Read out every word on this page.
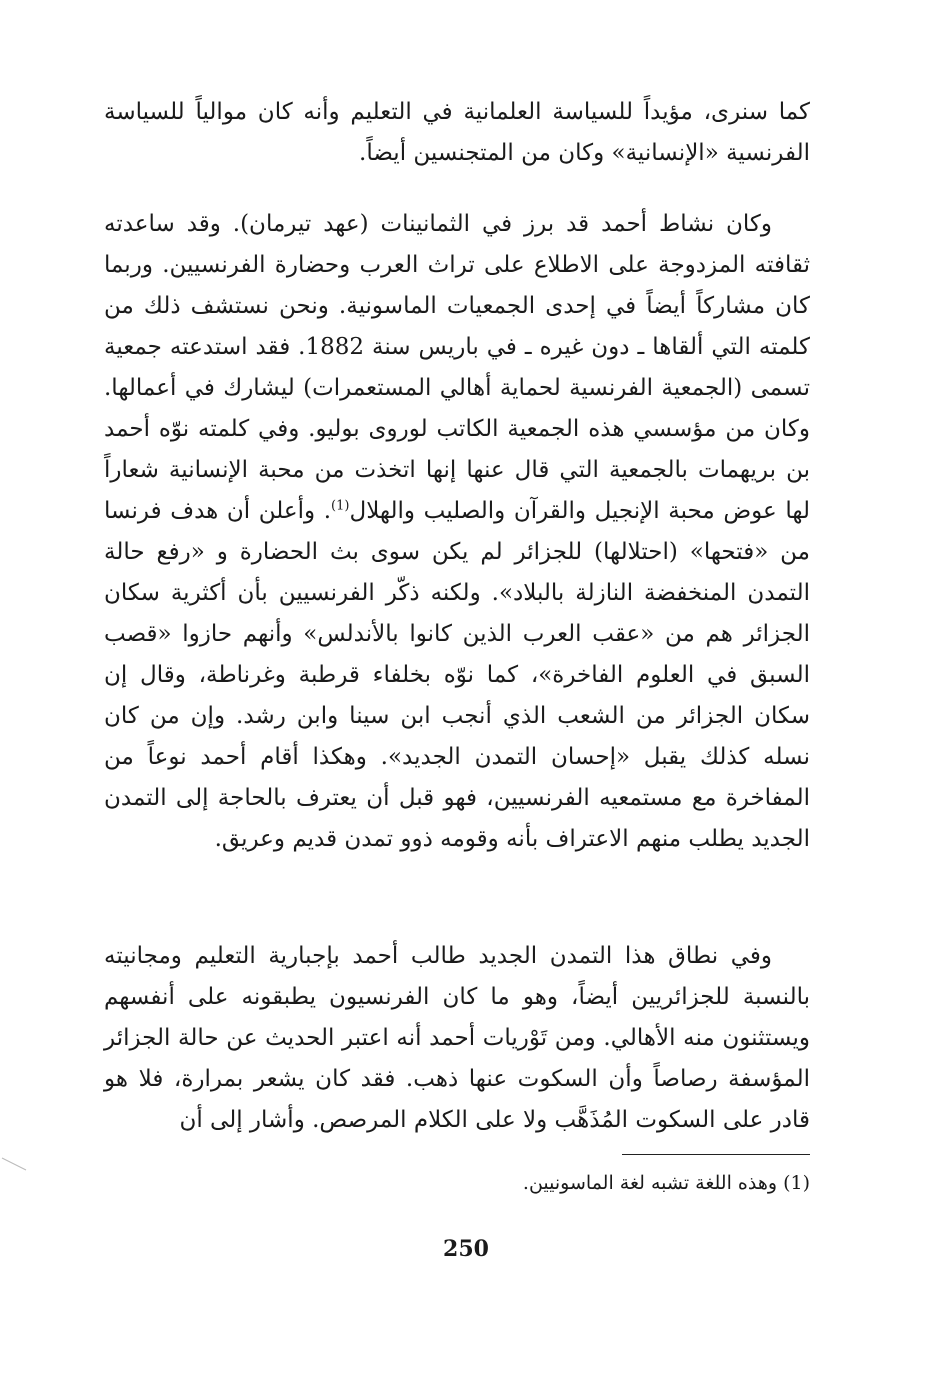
كما سنرى، مؤيداً للسياسة العلمانية في التعليم وأنه كان موالياً للسياسة الفرنسية «الإنسانية» وكان من المتجنسين أيضاً.

وكان نشاط أحمد قد برز في الثمانينات (عهد تيرمان). وقد ساعدته ثقافته المزدوجة على الاطلاع على تراث العرب وحضارة الفرنسيين. وربما كان مشاركاً أيضاً في إحدى الجمعيات الماسونية. ونحن نستشف ذلك من كلمته التي ألقاها ـ دون غيره ـ في باريس سنة 1882. فقد استدعته جمعية تسمى (الجمعية الفرنسية لحماية أهالي المستعمرات) ليشارك في أعمالها. وكان من مؤسسي هذه الجمعية الكاتب لوروى بوليو. وفي كلمته نوّه أحمد بن بريهمات بالجمعية التي قال عنها إنها اتخذت من محبة الإنسانية شعاراً لها عوض محبة الإنجيل والقرآن والصليب والهلال$^{(1)}$. وأعلن أن هدف فرنسا من «فتحها» (احتلالها) للجزائر لم يكن سوى بث الحضارة و «رفع حالة التمدن المنخفضة النازلة بالبلاد». ولكنه ذكّر الفرنسيين بأن أكثرية سكان الجزائر هم من «عقب العرب الذين كانوا بالأندلس» وأنهم حازوا «قصب السبق في العلوم الفاخرة»، كما نوّه بخلفاء قرطبة وغرناطة، وقال إن سكان الجزائر من الشعب الذي أنجب ابن سينا وابن رشد. وإن من كان نسله كذلك يقبل «إحسان التمدن الجديد». وهكذا أقام أحمد نوعاً من المفاخرة مع مستمعيه الفرنسيين، فهو قبل أن يعترف بالحاجة إلى التمدن الجديد يطلب منهم الاعتراف بأنه وقومه ذوو تمدن قديم وعريق.

وفي نطاق هذا التمدن الجديد طالب أحمد بإجبارية التعليم ومجانيته بالنسبة للجزائريين أيضاً، وهو ما كان الفرنسيون يطبقونه على أنفسهم ويستثنون منه الأهالي. ومن تَوْريات أحمد أنه اعتبر الحديث عن حالة الجزائر المؤسفة رصاصاً وأن السكوت عنها ذهب. فقد كان يشعر بمرارة، فلا هو قادر على السكوت المُذَهَّب ولا على الكلام المرصص. وأشار إلى أن

(1) وهذه اللغة تشبه لغة الماسونيين.

250
